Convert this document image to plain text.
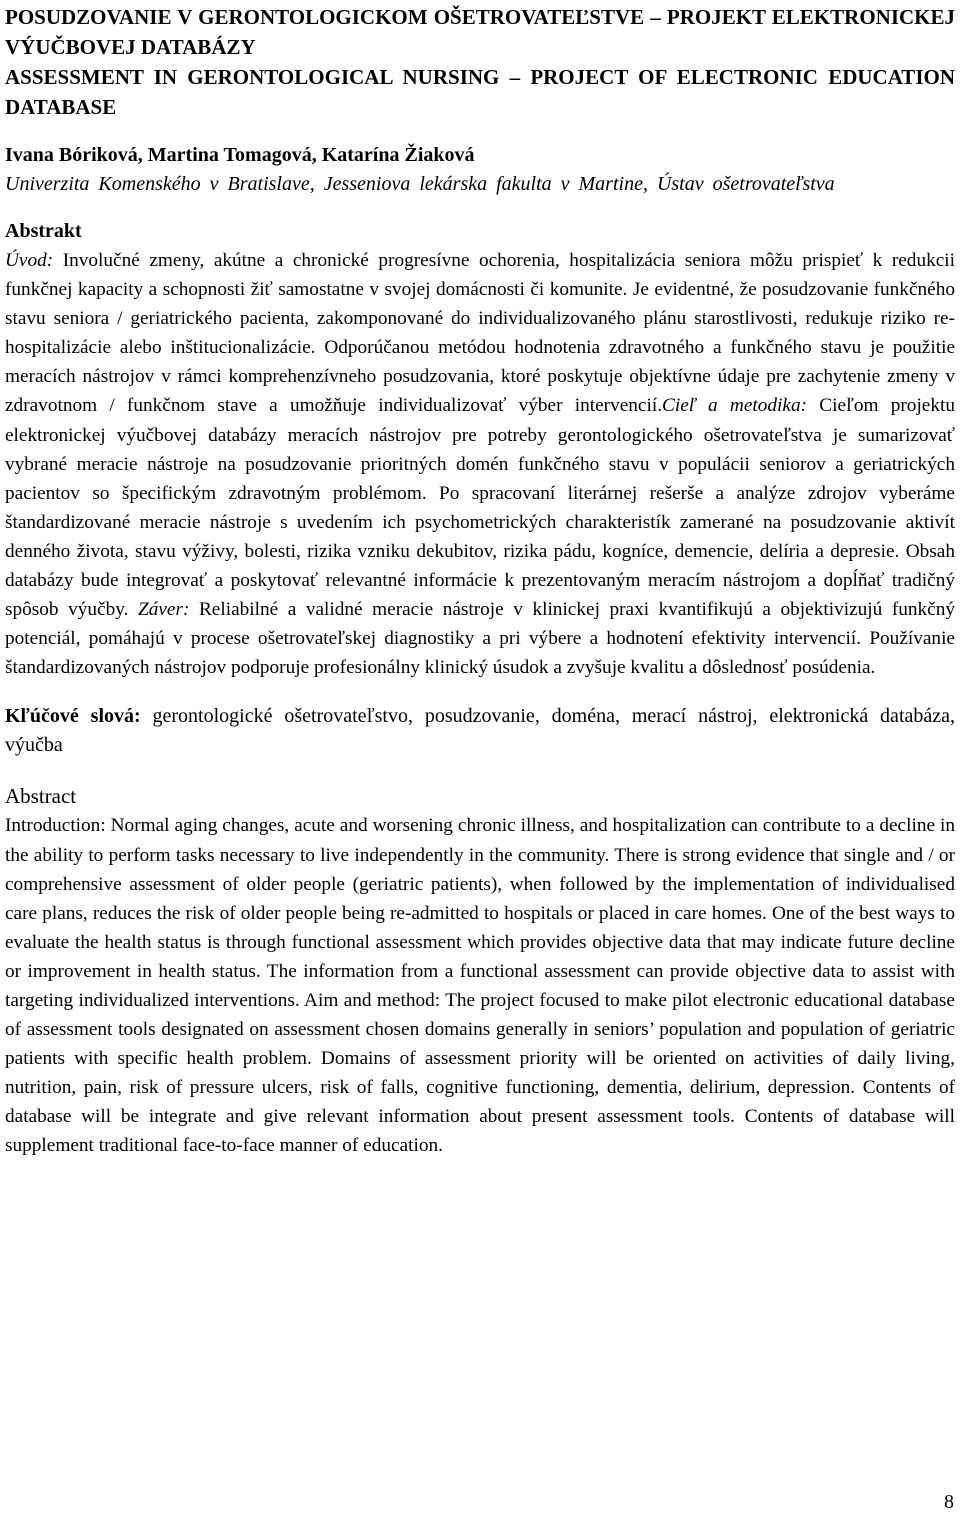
POSUDZOVANIE V GERONTOLOGICKOM OŠETROVATEĽSTVE – PROJEKT ELEKTRONICKEJ VÝUČBOVEJ DATABÁZY

ASSESSMENT IN GERONTOLOGICAL NURSING – PROJECT OF ELECTRONIC EDUCATION DATABASE

Ivana Bóriková, Martina Tomagová, Katarína Žiaková

Univerzita Komenského v Bratislave, Jesseniova lekárska fakulta v Martine, Ústav ošetrovateľstva

Abstrakt

Úvod: Involučné zmeny, akútne a chronické progresívne ochorenia, hospitalizácia seniora môžu prispieť k redukcii funkčnej kapacity a schopnosti žiť samostatne v svojej domácnosti či komunite. Je evidentné, že posudzovanie funkčného stavu seniora / geriatrického pacienta, zakomponované do individualizovaného plánu starostlivosti, redukuje riziko re-hospitalizácie alebo inštitucionalizácie. Odporúčanou metódou hodnotenia zdravotného a funkčného stavu je použitie meracích nástrojov v rámci komprehenzívneho posudzovania, ktoré poskytuje objektívne údaje pre zachytenie zmeny v zdravotnom / funkčnom stave a umožňuje individualizovať výber intervencií.Cieľ a metodika: Cieľom projektu elektronickej výučbovej databázy meracích nástrojov pre potreby gerontologického ošetrovateľstva je sumarizovať vybrané meracie nástroje na posudzovanie prioritných domén funkčného stavu v populácii seniorov a geriatrických pacientov so špecifickým zdravotným problémom. Po spracovaní literárnej rešerše a analýze zdrojov vyberáme štandardizované meracie nástroje s uvedením ich psychometrických charakteristík zamerané na posudzovanie aktivít denného života, stavu výživy, bolesti, rizika vzniku dekubitov, rizika pádu, kogníce, demencie, delíria a depresie. Obsah databázy bude integrovať a poskytovať relevantné informácie k prezentovaným meracím nástrojom a dopĺňať tradičný spôsob výučby. Záver: Reliabilné a validné meracie nástroje v klinickej praxi kvantifikujú a objektivizujú funkčný potenciál, pomáhajú v procese ošetrovateľskej diagnostiky a pri výbere a hodnotení efektivity intervencií. Používanie štandardizovaných nástrojov podporuje profesionálny klinický úsudok a zvyšuje kvalitu a dôslednosť posúdenia.

Kľúčové slová: gerontologické ošetrovateľstvo, posudzovanie, doména, merací nástroj, elektronická databáza, výučba

Abstract

Introduction: Normal aging changes, acute and worsening chronic illness, and hospitalization can contribute to a decline in the ability to perform tasks necessary to live independently in the community. There is strong evidence that single and / or comprehensive assessment of older people (geriatric patients), when followed by the implementation of individualised care plans, reduces the risk of older people being re-admitted to hospitals or placed in care homes. One of the best ways to evaluate the health status is through functional assessment which provides objective data that may indicate future decline or improvement in health status. The information from a functional assessment can provide objective data to assist with targeting individualized interventions. Aim and method: The project focused to make pilot electronic educational database of assessment tools designated on assessment chosen domains generally in seniors’ population and population of geriatric patients with specific health problem. Domains of assessment priority will be oriented on activities of daily living, nutrition, pain, risk of pressure ulcers, risk of falls, cognitive functioning, dementia, delirium, depression. Contents of database will be integrate and give relevant information about present assessment tools. Contents of database will supplement traditional face-to-face manner of education.

8
